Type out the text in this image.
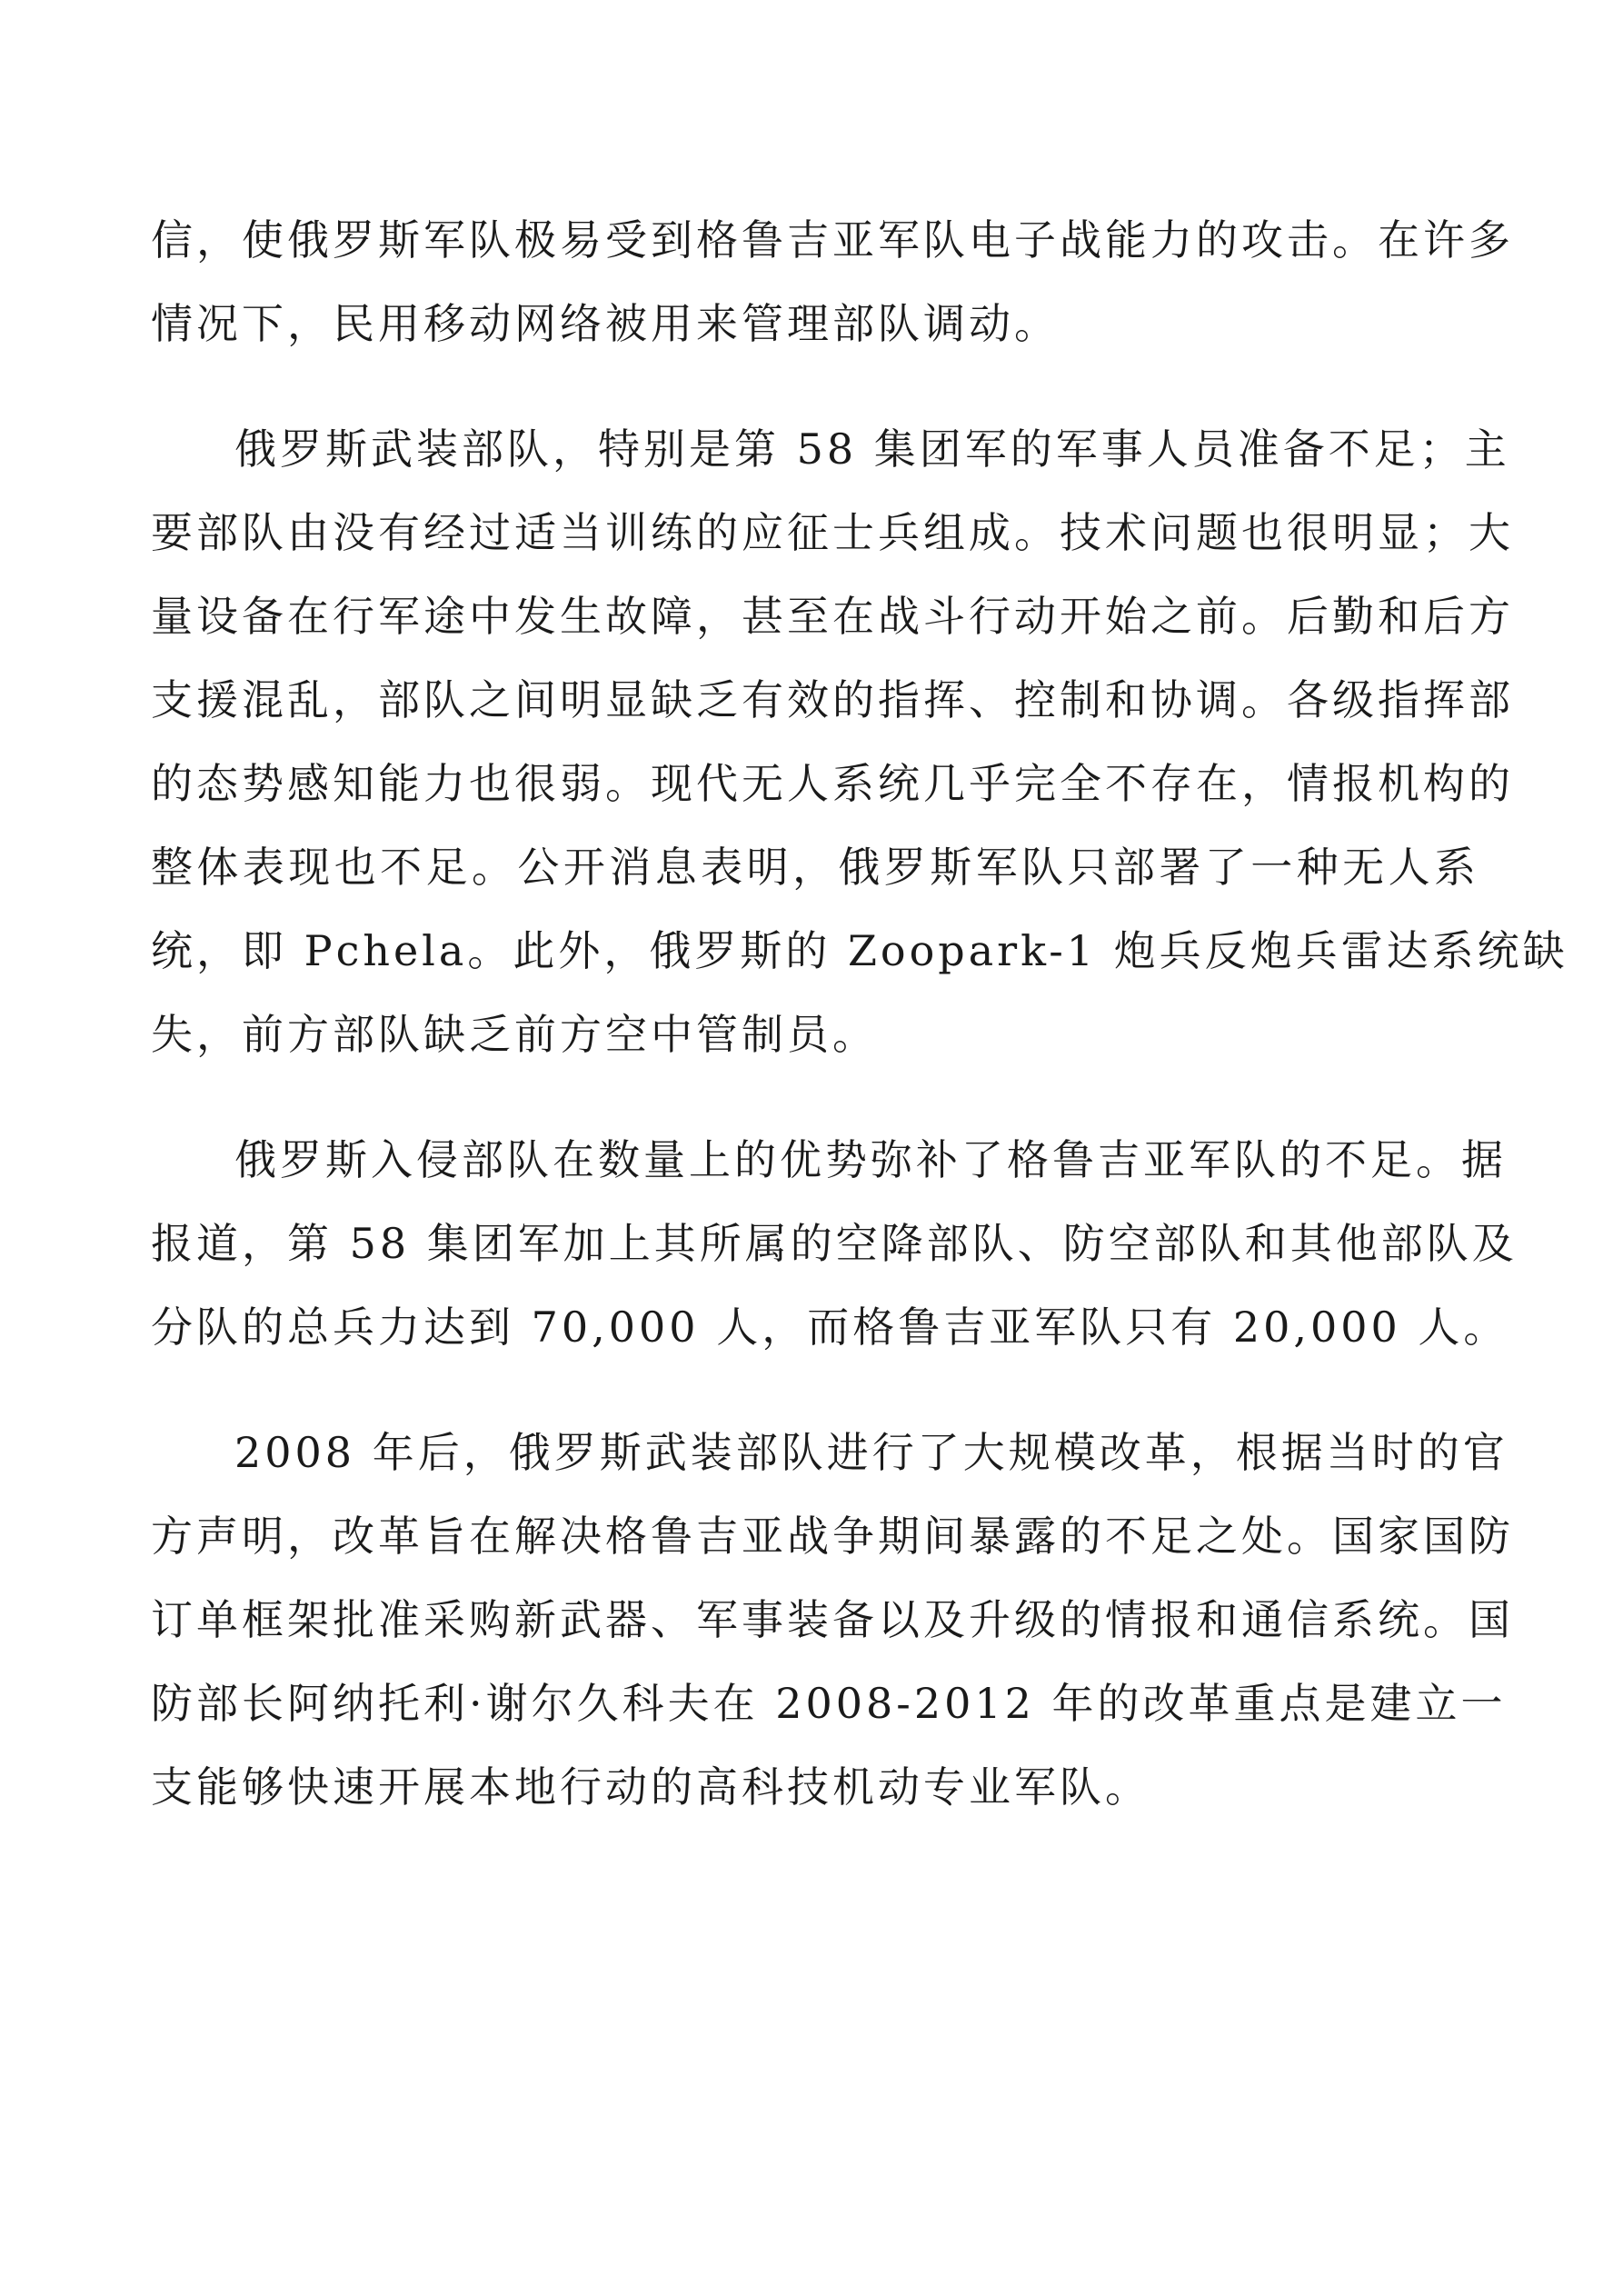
信，使俄罗斯军队极易受到格鲁吉亚军队电子战能力的攻击。在许多
情况下，民用移动网络被用来管理部队调动。
俄罗斯武装部队，特别是第 58 集团军的军事人员准备不足；主
要部队由没有经过适当训练的应征士兵组成。技术问题也很明显；大
量设备在行军途中发生故障，甚至在战斗行动开始之前。后勤和后方
支援混乱，部队之间明显缺乏有效的指挥、控制和协调。各级指挥部
的态势感知能力也很弱。现代无人系统几乎完全不存在，情报机构的
整体表现也不足。公开消息表明，俄罗斯军队只部署了一种无人系
统，即 Pchela。此外，俄罗斯的 Zoopark-1 炮兵反炮兵雷达系统缺
失，前方部队缺乏前方空中管制员。
俄罗斯入侵部队在数量上的优势弥补了格鲁吉亚军队的不足。据
报道，第 58 集团军加上其所属的空降部队、防空部队和其他部队及
分队的总兵力达到 70,000 人，而格鲁吉亚军队只有 20,000 人。
2008 年后，俄罗斯武装部队进行了大规模改革，根据当时的官
方声明，改革旨在解决格鲁吉亚战争期间暴露的不足之处。国家国防
订单框架批准采购新武器、军事装备以及升级的情报和通信系统。国
防部长阿纳托利·谢尔久科夫在 2008-2012 年的改革重点是建立一
支能够快速开展本地行动的高科技机动专业军队。
